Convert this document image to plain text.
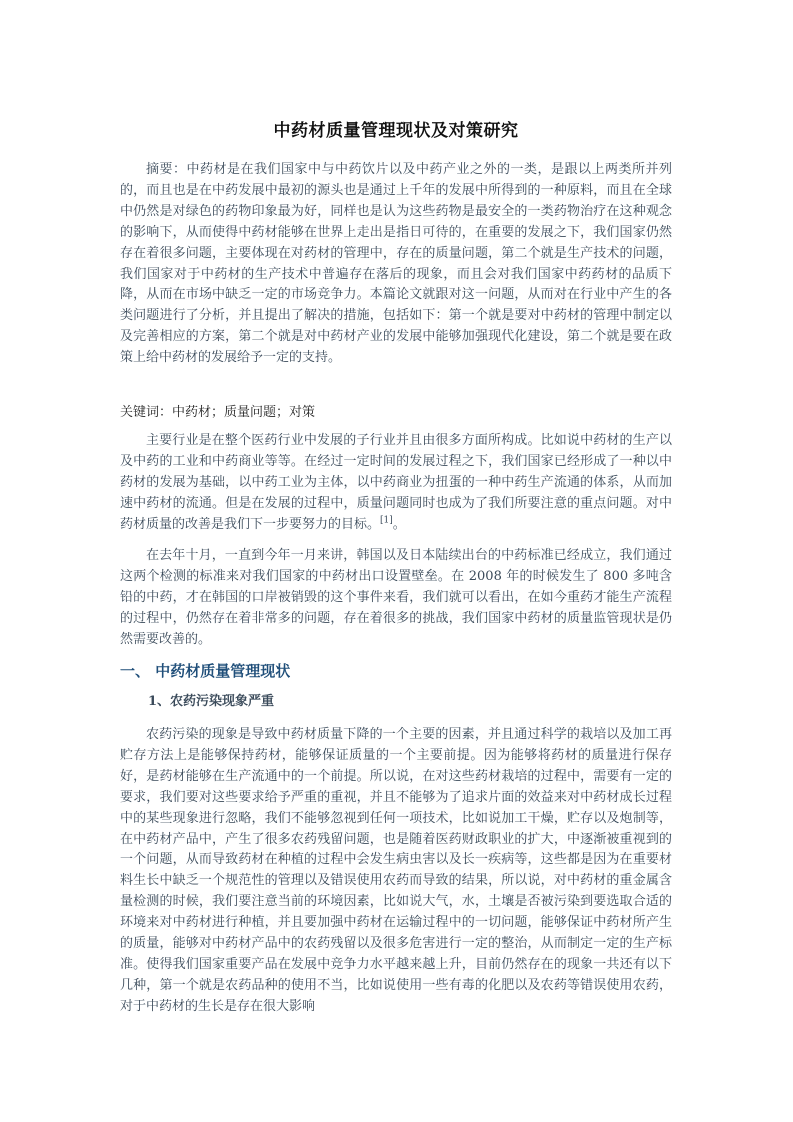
中药材质量管理现状及对策研究

摘要：中药材是在我们国家中与中药饮片以及中药产业之外的一类，是跟以上两类所并列的，而且也是在中药发展中最初的源头也是通过上千年的发展中所得到的一种原料，而且在全球中仍然是对绿色的药物印象最为好，同样也是认为这些药物是最安全的一类药物治疗在这种观念的影响下，从而使得中药材能够在世界上走出是指日可待的，在重要的发展之下，我们国家仍然存在着很多问题，主要体现在对药材的管理中，存在的质量问题，第二个就是生产技术的问题，我们国家对于中药材的生产技术中普遍存在落后的现象，而且会对我们国家中药药材的品质下降，从而在市场中缺乏一定的市场竞争力。本篇论文就跟对这一问题，从而对在行业中产生的各类问题进行了分析，并且提出了解决的措施，包括如下：第一个就是要对中药材的管理中制定以及完善相应的方案，第二个就是对中药材产业的发展中能够加强现代化建设，第二个就是要在政策上给中药材的发展给予一定的支持。

关键词：中药材；质量问题；对策

主要行业是在整个医药行业中发展的子行业并且由很多方面所构成。比如说中药材的生产以及中药的工业和中药商业等等。在经过一定时间的发展过程之下，我们国家已经形成了一种以中药材的发展为基础，以中药工业为主体，以中药商业为扭蛋的一种中药生产流通的体系，从而加速中药材的流通。但是在发展的过程中，质量问题同时也成为了我们所要注意的重点问题。对中药材质量的改善是我们下一步要努力的目标。[1]。

在去年十月，一直到今年一月来讲，韩国以及日本陆续出台的中药标准已经成立，我们通过这两个检测的标准来对我们国家的中药材出口设置壁垒。在 2008 年的时候发生了 800 多吨含铅的中药，才在韩国的口岸被销毁的这个事件来看，我们就可以看出，在如今重药才能生产流程的过程中，仍然存在着非常多的问题，存在着很多的挑战，我们国家中药材的质量监管现状是仍然需要改善的。

一、 中药材质量管理现状
1、农药污染现象严重

农药污染的现象是导致中药材质量下降的一个主要的因素，并且通过科学的栽培以及加工再贮存方法上是能够保持药材，能够保证质量的一个主要前提。因为能够将药材的质量进行保存好，是药材能够在生产流通中的一个前提。所以说，在对这些药材栽培的过程中，需要有一定的要求，我们要对这些要求给予严重的重视，并且不能够为了追求片面的效益来对中药材成长过程中的某些现象进行忽略，我们不能够忽视到任何一项技术，比如说加工干燥，贮存以及炮制等，在中药材产品中，产生了很多农药残留问题，也是随着医药财政职业的扩大，中逐渐被重视到的一个问题，从而导致药材在种植的过程中会发生病虫害以及长一疾病等，这些都是因为在重要材料生长中缺乏一个规范性的管理以及错误使用农药而导致的结果，所以说，对中药材的重金属含量检测的时候，我们要注意当前的环境因素，比如说大气，水，土壤是否被污染到要选取合适的环境来对中药材进行种植，并且要加强中药材在运输过程中的一切问题，能够保证中药材所产生的质量，能够对中药材产品中的农药残留以及很多危害进行一定的整治，从而制定一定的生产标准。使得我们国家重要产品在发展中竞争力水平越来越上升，目前仍然存在的现象一共还有以下几种，第一个就是农药品种的使用不当，比如说使用一些有毒的化肥以及农药等错误使用农药，对于中药材的生长是存在很大影响
